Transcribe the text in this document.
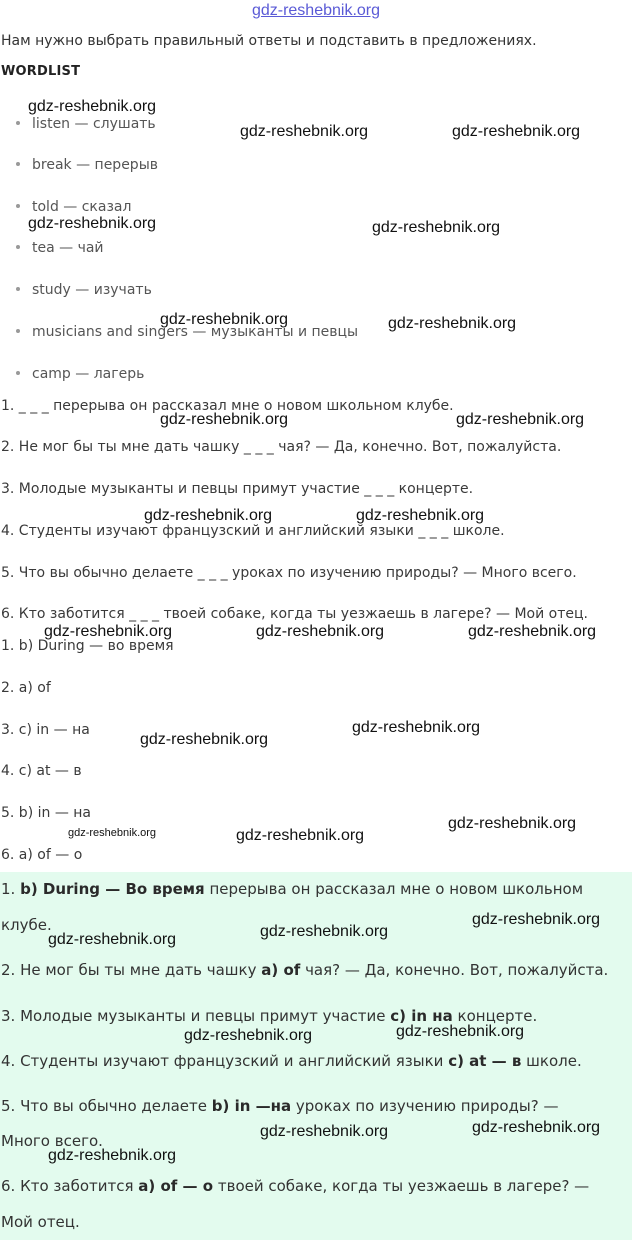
gdz-reshebnik.org
Нам нужно выбрать правильный ответы и подставить в предложениях.
WORDLIST
listen — слушать
break — перерыв
told — сказал
tea — чай
study — изучать
musicians and singers — музыканты и певцы
camp — лагерь
1. _ _ _ перерыва он рассказал мне о новом школьном клубе.
2. Не мог бы ты мне дать чашку _ _ _ чая? — Да, конечно. Вот, пожалуйста.
3. Молодые музыканты и певцы примут участие _ _ _ концерте.
4. Студенты изучают французский и английский языки _ _ _ школе.
5. Что вы обычно делаете _ _ _ уроках по изучению природы? — Много всего.
6. Кто заботится _ _ _ твоей собаке, когда ты уезжаешь в лагере? — Мой отец.
1. b) During — во время
2. a) of
3. c) in — на
4. c) at — в
5. b) in — на
6. a) of — о
1. b) During — Во время перерыва он рассказал мне о новом школьном
клубе.
2. Не мог бы ты мне дать чашку a) of чая? — Да, конечно. Вот, пожалуйста.
3. Молодые музыканты и певцы примут участие c) in на концерте.
4. Студенты изучают французский и английский языки c) at — в школе.
5. Что вы обычно делаете b) in —на уроках по изучению природы? —
Много всего.
6. Кто заботится a) of — о твоей собаке, когда ты уезжаешь в лагере? —
Мой отец.
gdz-reshebnik.org
gdz-reshebnik.org	gdz-reshebnik.org
gdz-reshebnik.org	gdz-reshebnik.org
gdz-reshebnik.org	gdz-reshebnik.org
gdz-reshebnik.org	gdz-reshebnik.org
gdz-reshebnik.org	gdz-reshebnik.org
gdz-reshebnik.org	gdz-reshebnik.org	gdz-reshebnik.org
gdz-reshebnik.org
gdz-reshebnik.org
gdz-reshebnik.org	gdz-reshebnik.org
gdz-reshebnik.org
gdz-reshebnik.org
gdz-reshebnik.org
gdz-reshebnik.org
gdz-reshebnik.org
gdz-reshebnik.org
gdz-reshebnik.org
gdz-reshebnik.org
gdz-reshebnik.org
